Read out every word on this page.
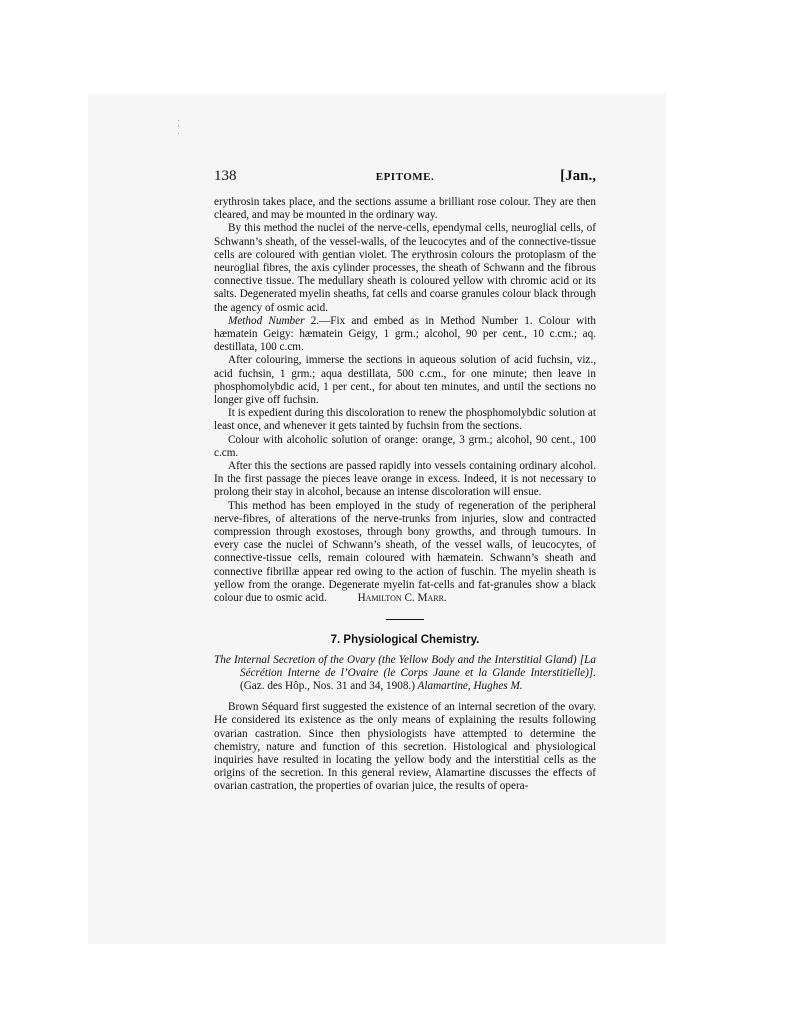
138	EPITOME.	[Jan.,

erythrosin takes place, and the sections assume a brilliant rose colour. They are then cleared, and may be mounted in the ordinary way.

By this method the nuclei of the nerve-cells, ependymal cells, neuroglial cells, of Schwann’s sheath, of the vessel-walls, of the leucocytes and of the connective-tissue cells are coloured with gentian violet. The erythrosin colours the protoplasm of the neuroglial fibres, the axis cylinder processes, the sheath of Schwann and the fibrous connective tissue. The medullary sheath is coloured yellow with chromic acid or its salts. Degenerated myelin sheaths, fat cells and coarse granules colour black through the agency of osmic acid.

Method Number 2.—Fix and embed as in Method Number 1. Colour with hæmatein Geigy: hæmatein Geigy, 1 grm.; alcohol, 90 per cent., 10 c.cm.; aq. destillata, 100 c.cm.

After colouring, immerse the sections in aqueous solution of acid fuchsin, viz., acid fuchsin, 1 grm.; aqua destillata, 500 c.cm., for one minute; then leave in phosphomolybdic acid, 1 per cent., for about ten minutes, and until the sections no longer give off fuchsin.

It is expedient during this discoloration to renew the phosphomolybdic solution at least once, and whenever it gets tainted by fuchsin from the sections.

Colour with alcoholic solution of orange: orange, 3 grm.; alcohol, 90 cent., 100 c.cm.

After this the sections are passed rapidly into vessels containing ordinary alcohol. In the first passage the pieces leave orange in excess. Indeed, it is not necessary to prolong their stay in alcohol, because an intense discoloration will ensue.

This method has been employed in the study of regeneration of the peripheral nerve-fibres, of alterations of the nerve-trunks from injuries, slow and contracted compression through exostoses, through bony growths, and through tumours. In every case the nuclei of Schwann’s sheath, of the vessel walls, of leucocytes, of connective-tissue cells, remain coloured with hæmatein. Schwann’s sheath and connective fibrillæ appear red owing to the action of fuschin. The myelin sheath is yellow from the orange. Degenerate myelin fat-cells and fat-granules show a black colour due to osmic acid.	Hamilton C. Marr.

7. Physiological Chemistry.

The Internal Secretion of the Ovary (the Yellow Body and the Interstitial Gland) [La Sécrétion Interne de l’Ovaire (le Corps Jaune et la Glande Interstitielle)]. (Gaz. des Hôp., Nos. 31 and 34, 1908.) Alamartine, Hughes M.

Brown Séquard first suggested the existence of an internal secretion of the ovary. He considered its existence as the only means of explaining the results following ovarian castration. Since then physiologists have attempted to determine the chemistry, nature and function of this secretion. Histological and physiological inquiries have resulted in locating the yellow body and the interstitial cells as the origins of the secretion. In this general review, Alamartine discusses the effects of ovarian castration, the properties of ovarian juice, the results of opera-
